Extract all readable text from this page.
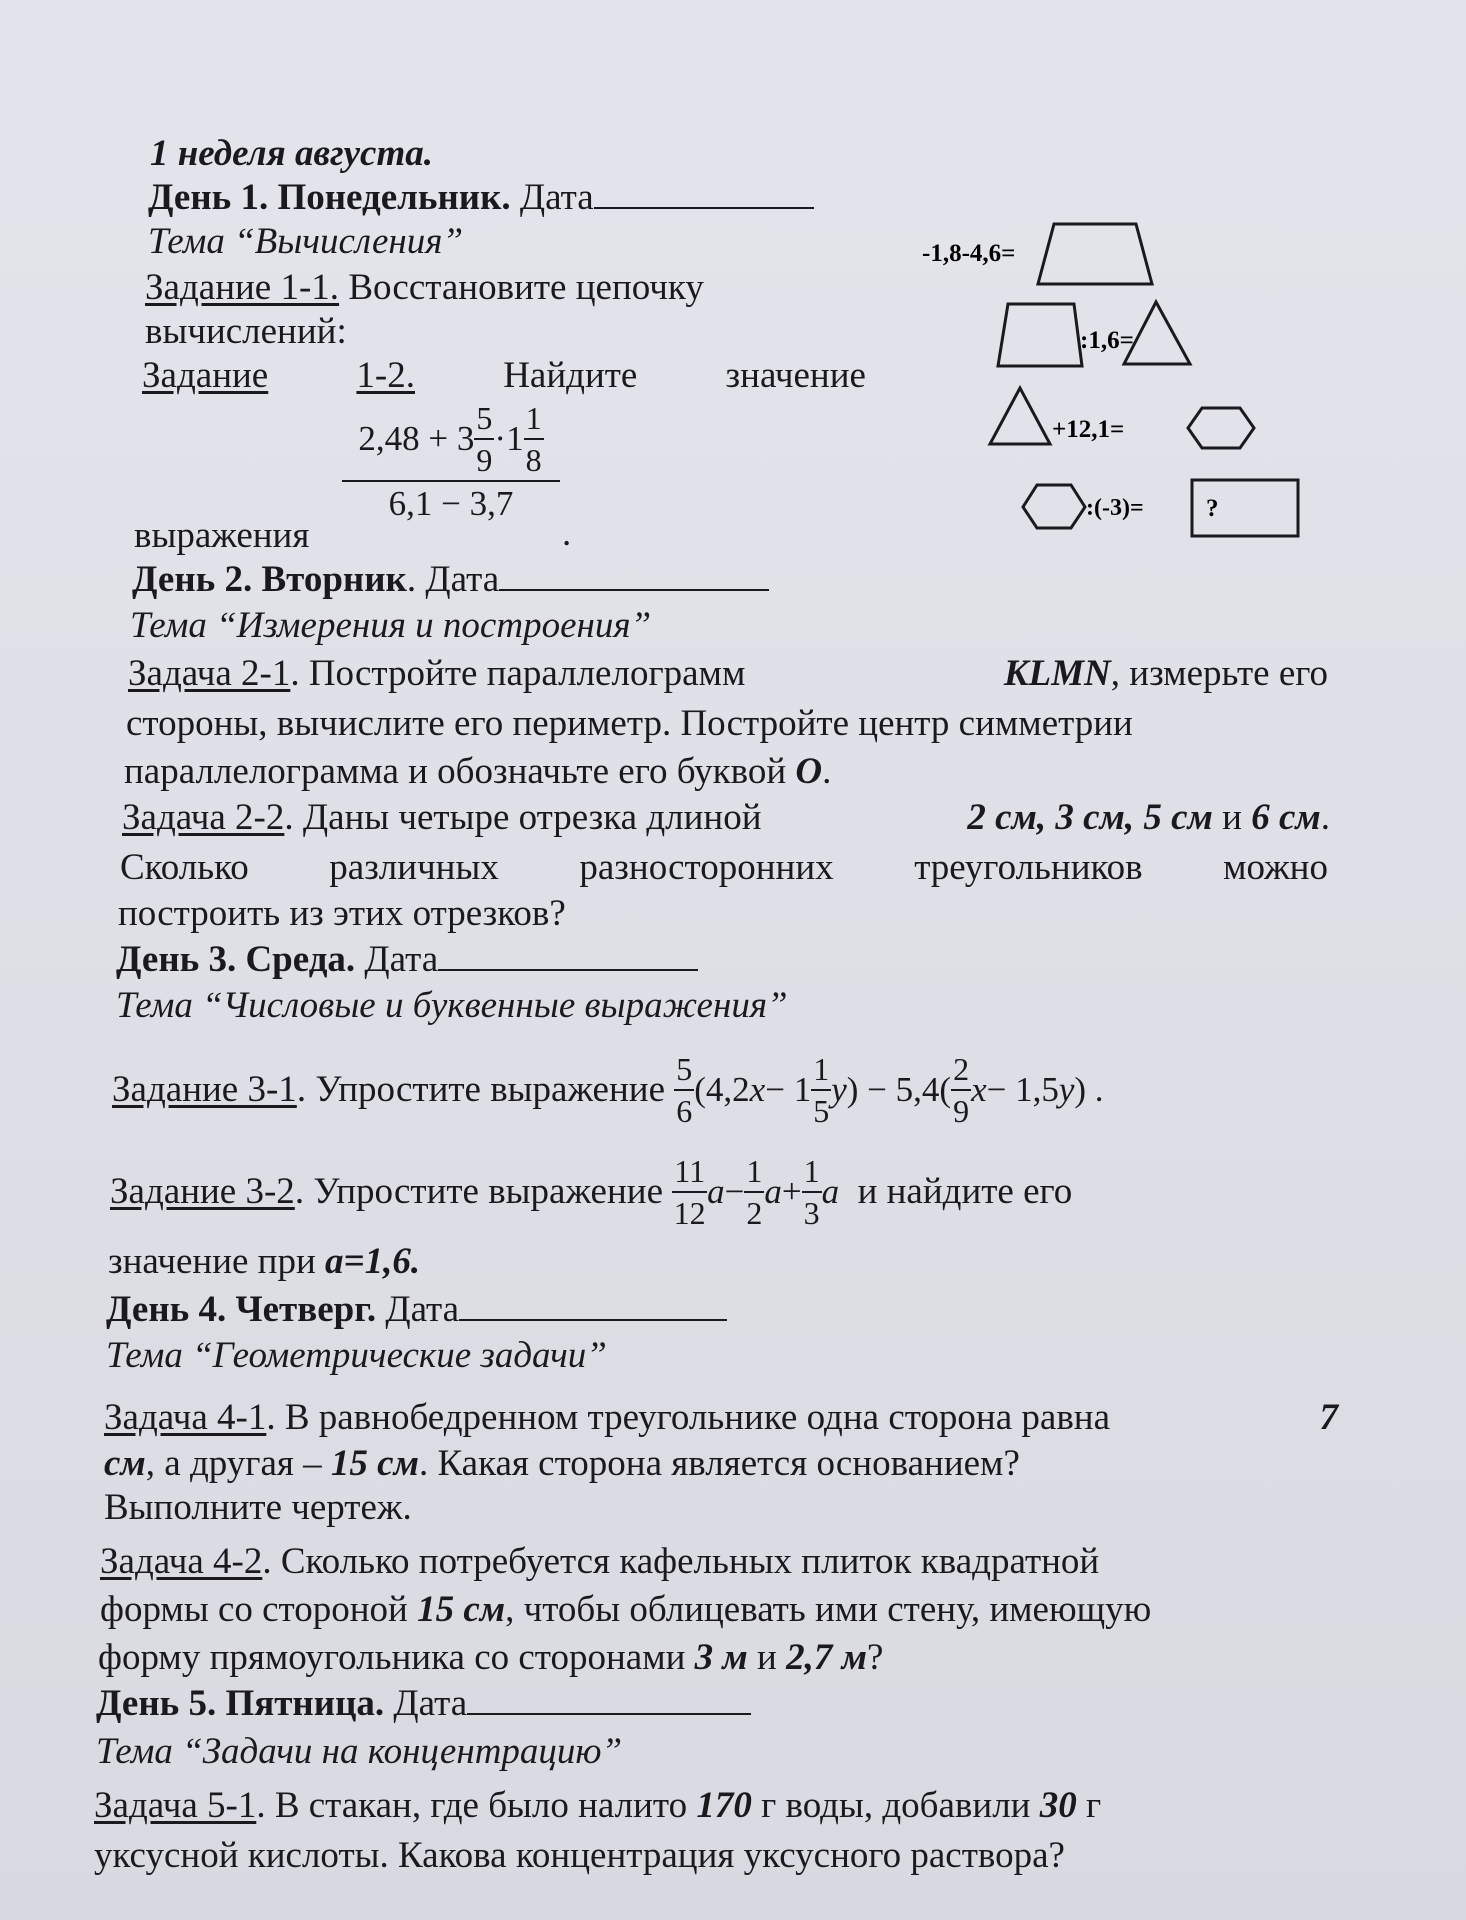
1 неделя августа.
День 1. Понедельник. Дата
Тема “Вычисления”
Задание 1-1. Восстановите цепочку
вычислений:
Задание 1-2. Найдите значение
$2,48 + 3 \frac{5}{9} \cdot 1 \frac{1}{8}$
6,1 − 3,7
выражения	.
-1,8-4,6=
:1,6=
+12,1=
:(-3)= ?
День 2. Вторник. Дата
Тема “Измерения и построения”
Задача 2-1. Постройте параллелограмм	KLMN, измерьте его
стороны, вычислите его периметр. Постройте центр симметрии
параллелограмма и обозначьте его буквой O.
Задача 2-2. Даны четыре отрезка длиной	2 см, 3 см, 5 см и 6 см.
Сколько различных разносторонних треугольников можно
построить из этих отрезков?
День 3. Среда. Дата
Тема “Числовые и буквенные выражения”
Задание 3-1 . Упростите выражение
$\frac{5}{6} (4,2$ $x - 1 \frac{1}{5}$ y ) − $5,4( \frac{2}{9}$ x − 1,5 y ) .
Задание 3-2 . Упростите выражение
$\frac{11}{12}$ $a - \frac{1}{2}$ $a + \frac{1}{3}$ a
и найдите его
значение при a=1,6.
День 4. Четверг. Дата
Тема “Геометрические задачи”
Задача 4-1. В равнобедренном треугольнике одна сторона равна	7
см, а другая – 15 см. Какая сторона является основанием?
Выполните чертеж.
Задача 4-2. Сколько потребуется кафельных плиток квадратной
формы со стороной 15 см, чтобы облицевать ими стену, имеющую
форму прямоугольника со сторонами 3 м и 2,7 м?
День 5. Пятница. Дата
Тема “Задачи на концентрацию”
Задача 5-1. В стакан, где было налито 170 г воды, добавили 30 г
уксусной кислоты. Какова концентрация уксусного раствора?
